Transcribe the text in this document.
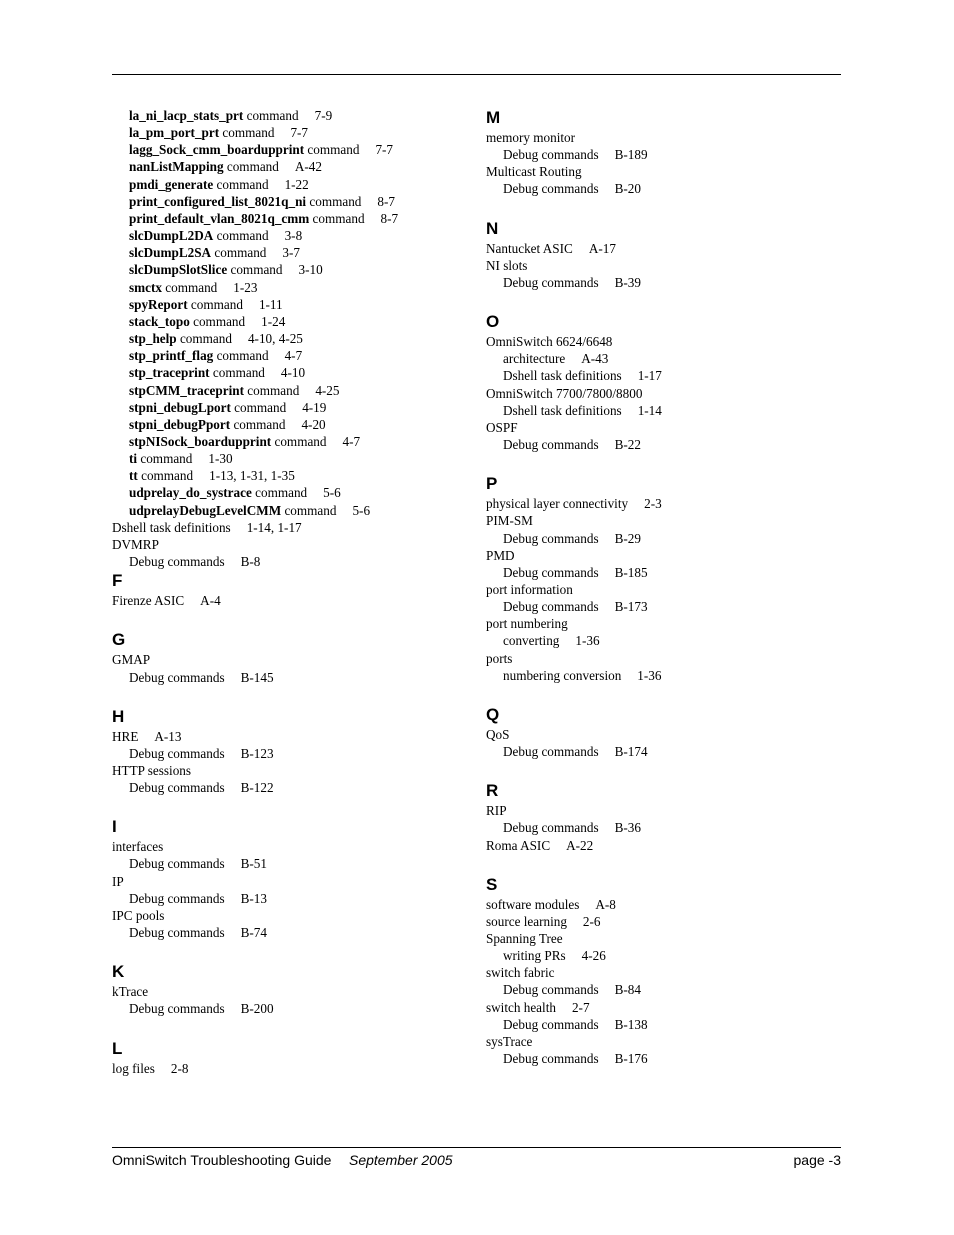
la_ni_lacp_stats_prt command 7-9
la_pm_port_prt command 7-7
lagg_Sock_cmm_boardupprint command 7-7
nanListMapping command A-42
pmdi_generate command 1-22
print_configured_list_8021q_ni command 8-7
print_default_vlan_8021q_cmm command 8-7
slcDumpL2DA command 3-8
slcDumpL2SA command 3-7
slcDumpSlotSlice command 3-10
smctx command 1-23
spyReport command 1-11
stack_topo command 1-24
stp_help command 4-10, 4-25
stp_printf_flag command 4-7
stp_traceprint command 4-10
stpCMM_traceprint command 4-25
stpni_debugLport command 4-19
stpni_debugPport command 4-20
stpNISock_boardupprint command 4-7
ti command 1-30
tt command 1-13, 1-31, 1-35
udprelay_do_systrace command 5-6
udprelayDebugLevelCMM command 5-6
Dshell task definitions 1-14, 1-17
DVMRP
Debug commands B-8
F
Firenze ASIC A-4
G
GMAP
Debug commands B-145
H
HRE A-13
Debug commands B-123
HTTP sessions
Debug commands B-122
I
interfaces
Debug commands B-51
IP
Debug commands B-13
IPC pools
Debug commands B-74
K
kTrace
Debug commands B-200
L
log files 2-8
M
memory monitor
Debug commands B-189
Multicast Routing
Debug commands B-20
N
Nantucket ASIC A-17
NI slots
Debug commands B-39
O
OmniSwitch 6624/6648
architecture A-43
Dshell task definitions 1-17
OmniSwitch 7700/7800/8800
Dshell task definitions 1-14
OSPF
Debug commands B-22
P
physical layer connectivity 2-3
PIM-SM
Debug commands B-29
PMD
Debug commands B-185
port information
Debug commands B-173
port numbering
converting 1-36
ports
numbering conversion 1-36
Q
QoS
Debug commands B-174
R
RIP
Debug commands B-36
Roma ASIC A-22
S
software modules A-8
source learning 2-6
Spanning Tree
writing PRs 4-26
switch fabric
Debug commands B-84
switch health 2-7
Debug commands B-138
sysTrace
Debug commands B-176
OmniSwitch Troubleshooting Guide September 2005	page -3
